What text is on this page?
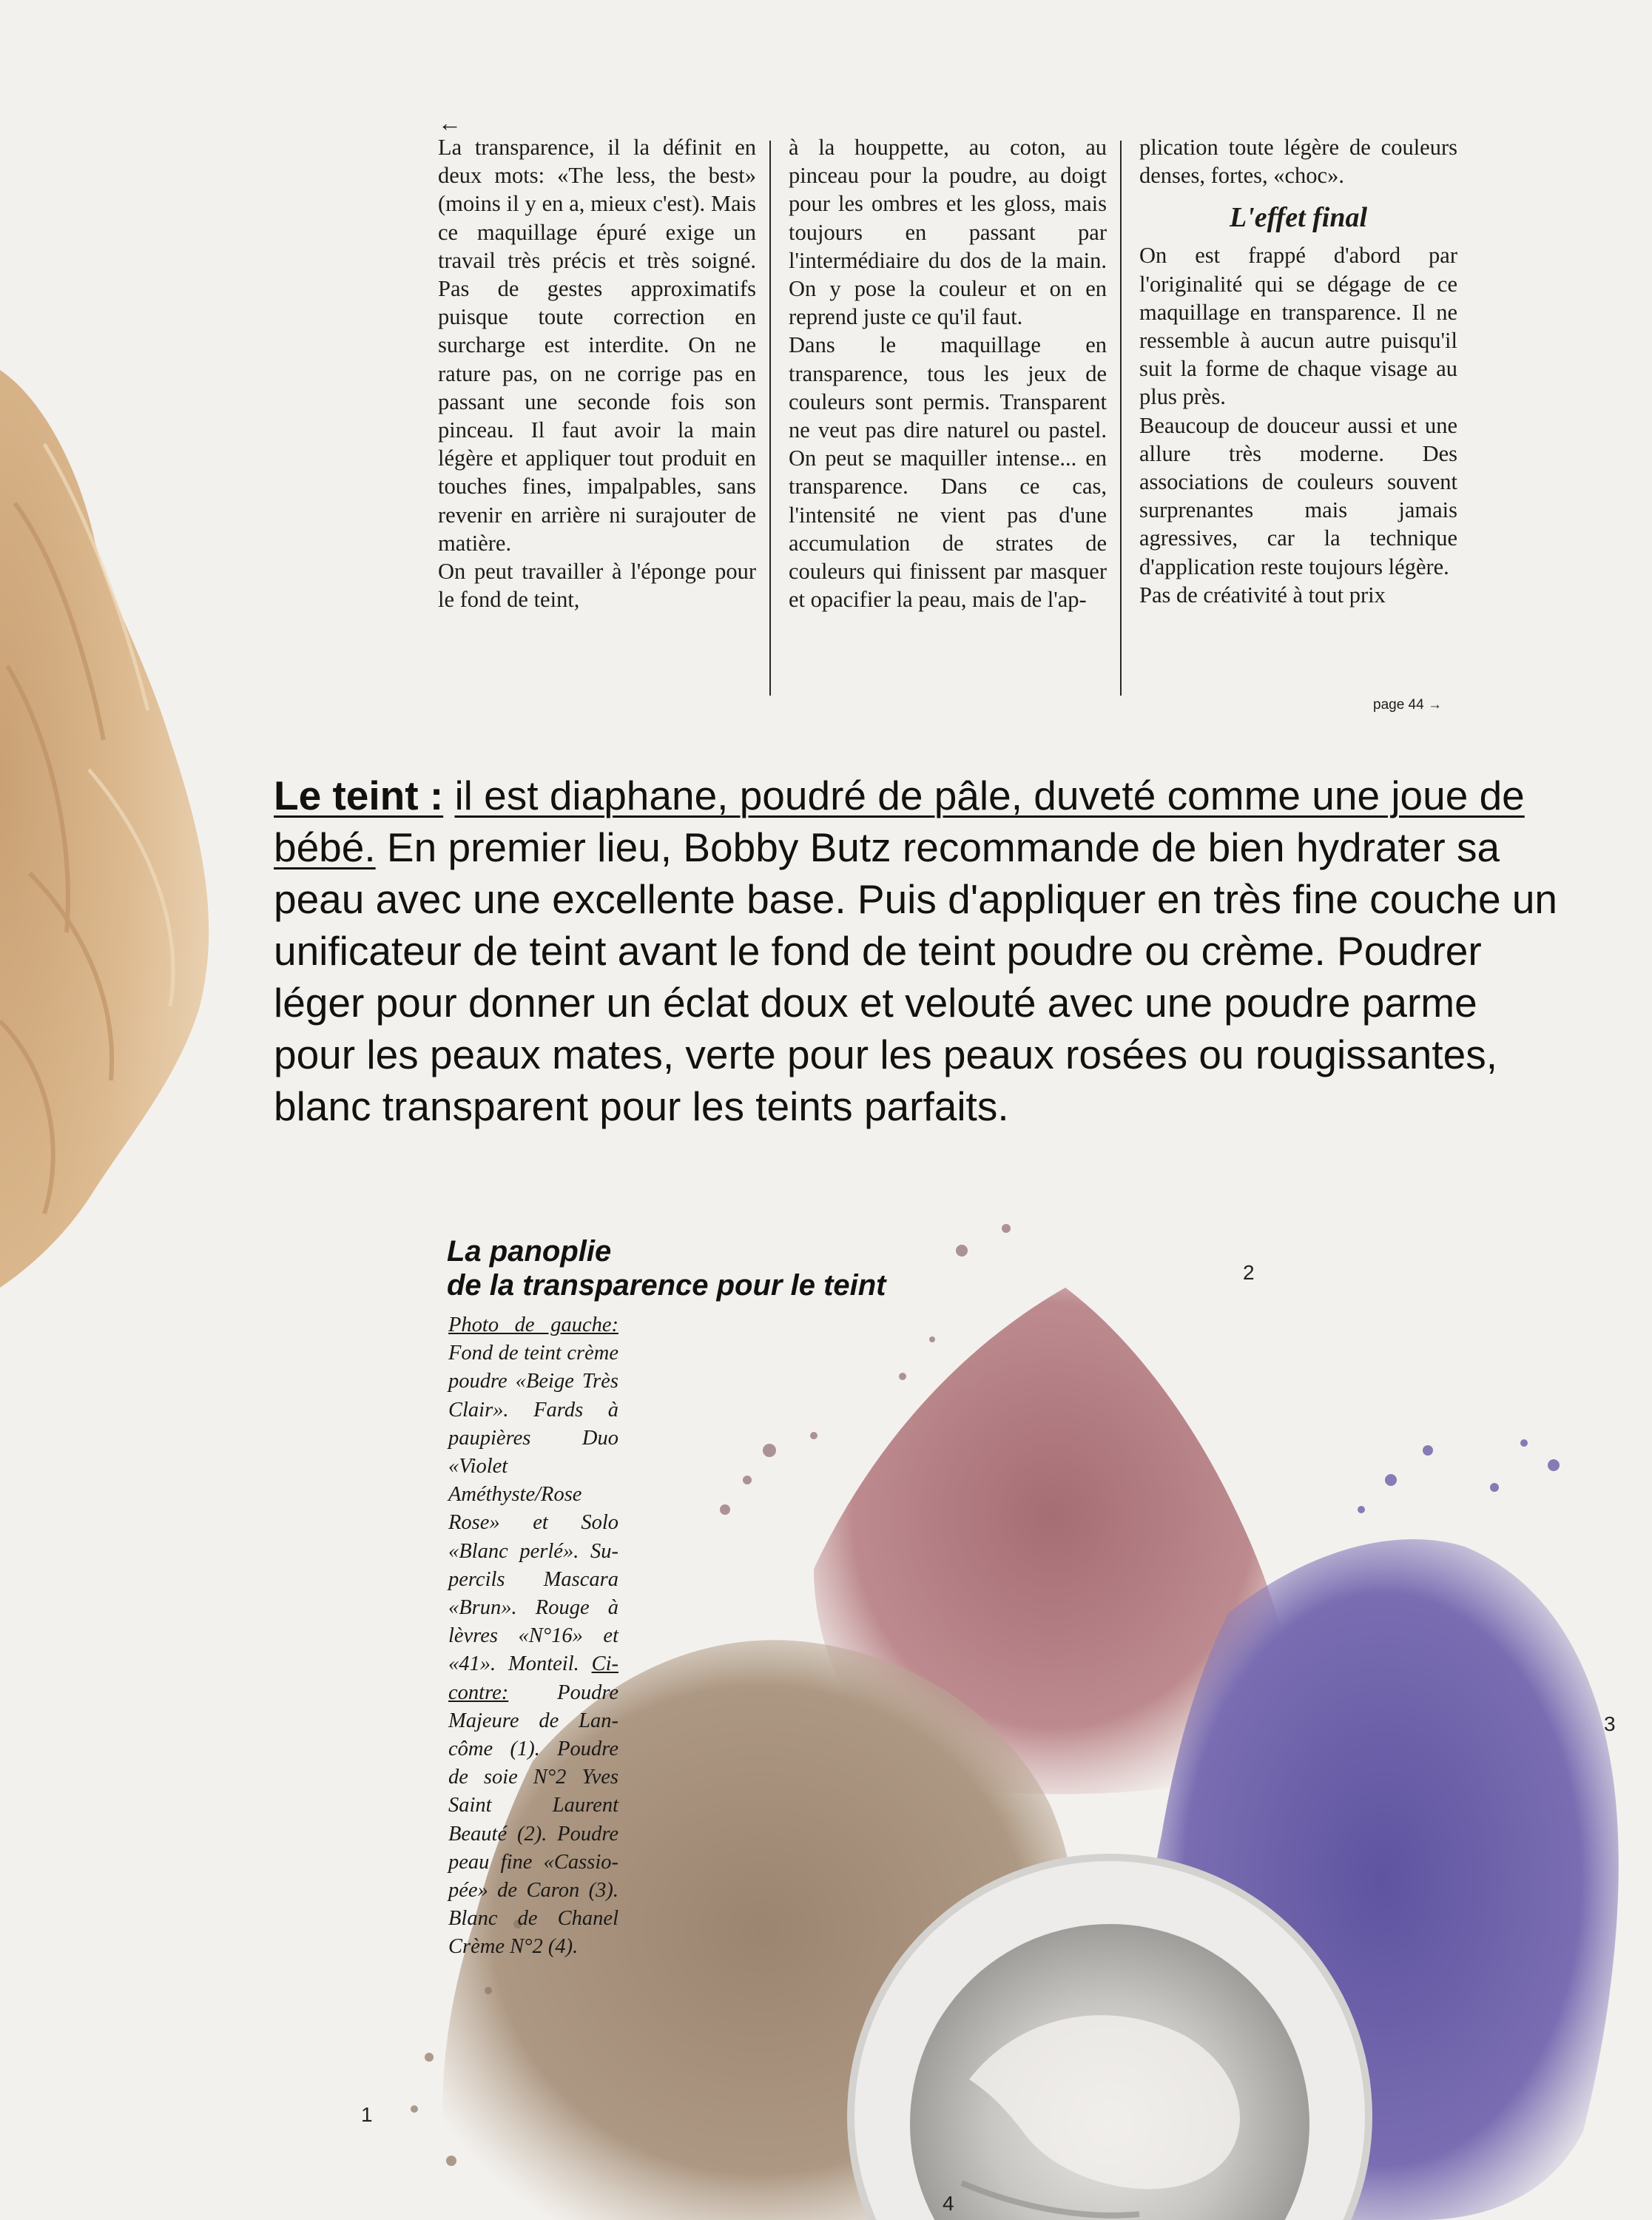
←

La transparence, il la définit en deux mots: «The less, the best» (moins il y en a, mieux c'est). Mais ce maquillage épuré exige un travail très précis et très soigné. Pas de gestes approximatifs puisque toute correction en surcharge est interdite. On ne rature pas, on ne corrige pas en passant une seconde fois son pinceau. Il faut avoir la main légère et appliquer tout produit en touches fines, impalpables, sans revenir en arrière ni surajouter de matière.

On peut travailler à l'éponge pour le fond de teint,

à la houppette, au coton, au pinceau pour la poudre, au doigt pour les ombres et les gloss, mais toujours en passant par l'intermédiaire du dos de la main. On y pose la couleur et on en reprend juste ce qu'il faut.

Dans le maquillage en transparence, tous les jeux de couleurs sont permis. Transparent ne veut pas dire naturel ou pastel. On peut se maquiller intense... en transparence. Dans ce cas, l'intensité ne vient pas d'une accumulation de strates de couleurs qui finissent par masquer et opacifier la peau, mais de l'ap-

plication toute légère de couleurs denses, fortes, «choc».

L'effet final

On est frappé d'abord par l'originalité qui se dégage de ce maquillage en transparence. Il ne ressemble à aucun autre puisqu'il suit la forme de chaque visage au plus près.

Beaucoup de douceur aussi et une allure très moderne. Des associations de couleurs souvent surprenantes mais jamais agressives, car la technique d'application reste toujours légère.

Pas de créativité à tout prix

page 44 →
Le teint : il est diaphane, poudré de pâle, duveté comme une joue de bébé. En premier lieu, Bobby Butz recommande de bien hydrater sa peau avec une excellente base. Puis d'appliquer en très fine couche un unificateur de teint avant le fond de teint poudre ou crème. Poudrer léger pour donner un éclat doux et velouté avec une poudre parme pour les peaux mates, verte pour les peaux rosées ou rougissantes, blanc transparent pour les teints parfaits.
La panoplie
de la transparence pour le teint
Photo de gauche: Fond de teint crème poudre «Beige Très Clair». Fards à paupières Duo «Violet Améthyste/Rose Rose» et Solo «Blanc perlé». Supercils Mascara «Brun». Rouge à lèvres «N°16» et «41». Monteil. Ci-contre: Poudre Majeure de Lancôme (1). Poudre de soie N°2 Yves Saint Laurent Beauté (2). Poudre peau fine «Cassiopée» de Caron (3). Blanc de Chanel Crème N°2 (4).
1
2
3
4
